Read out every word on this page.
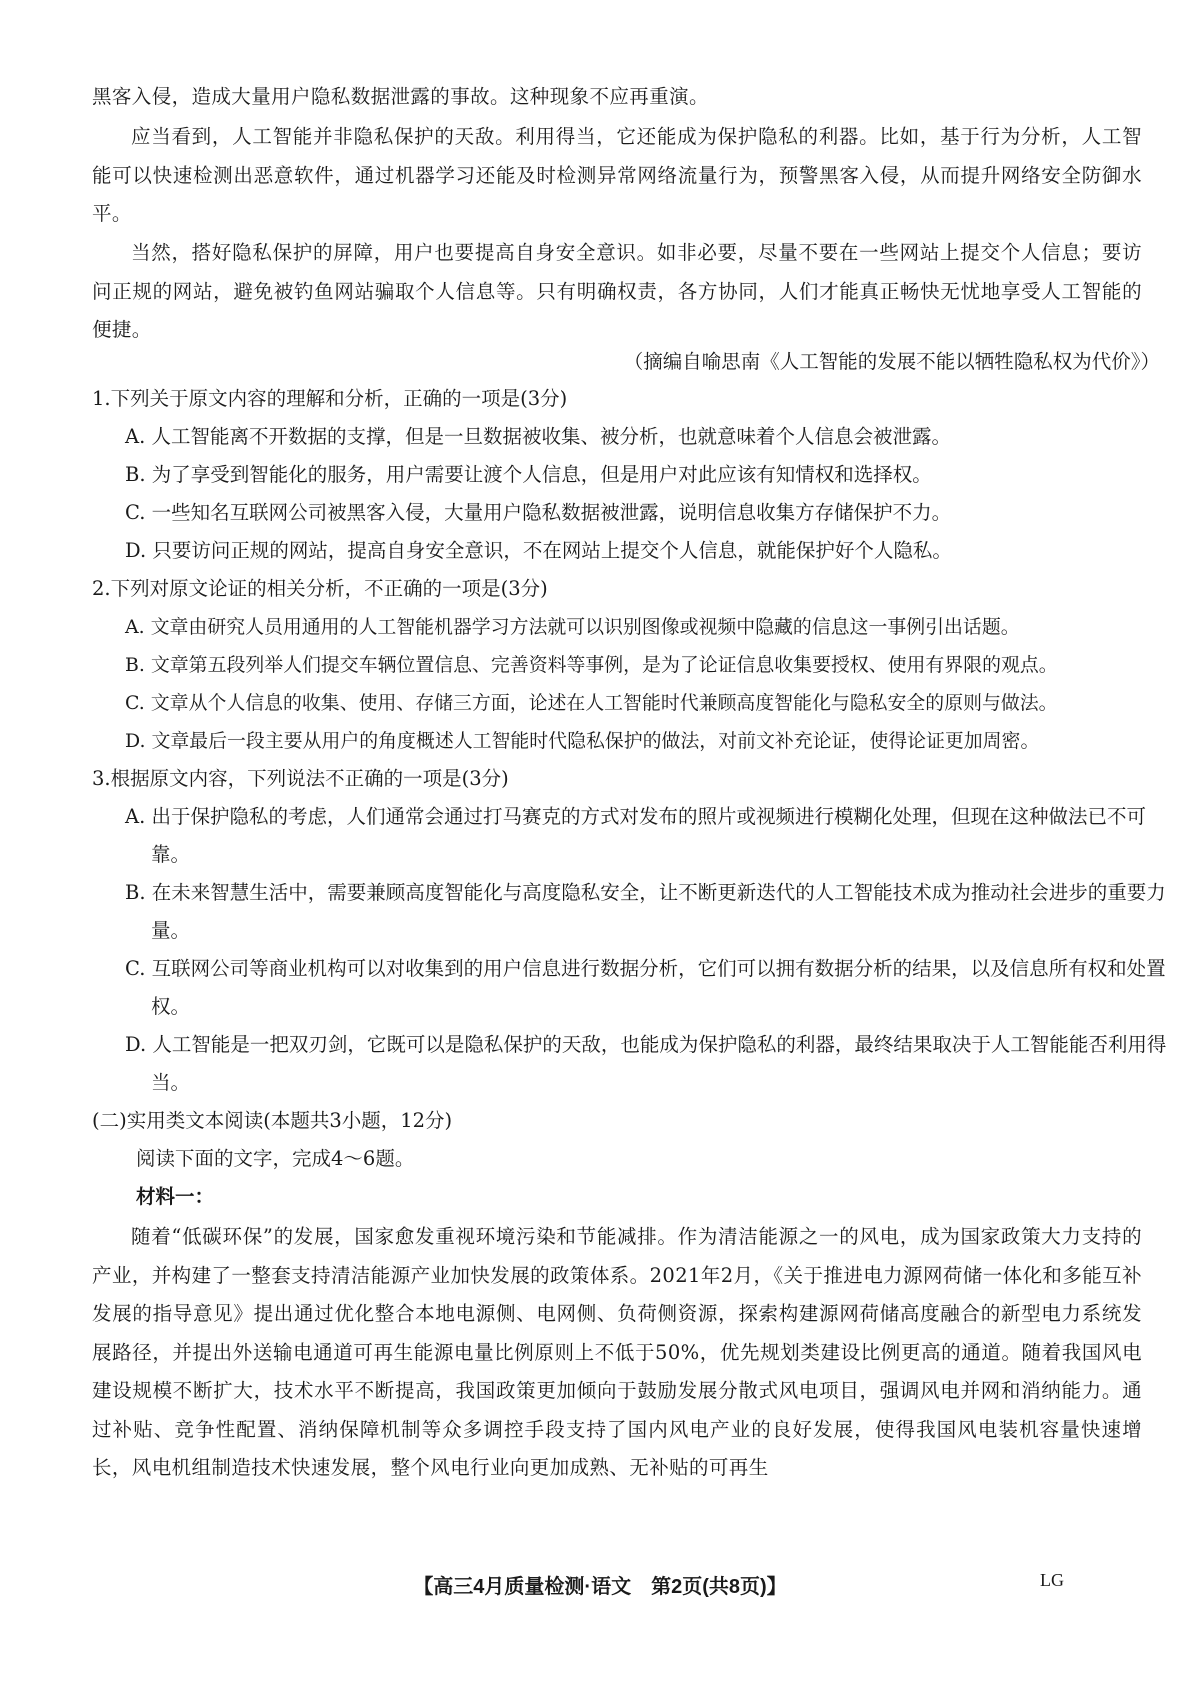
黑客入侵，造成大量用户隐私数据泄露的事故。这种现象不应再重演。
应当看到，人工智能并非隐私保护的天敌。利用得当，它还能成为保护隐私的利器。比如，基于行为分析，人工智能可以快速检测出恶意软件，通过机器学习还能及时检测异常网络流量行为，预警黑客入侵，从而提升网络安全防御水平。
当然，搭好隐私保护的屏障，用户也要提高自身安全意识。如非必要，尽量不要在一些网站上提交个人信息；要访问正规的网站，避免被钓鱼网站骗取个人信息等。只有明确权责，各方协同，人们才能真正畅快无忧地享受人工智能的便捷。
（摘编自喻思南《人工智能的发展不能以牺牲隐私权为代价》）
1.下列关于原文内容的理解和分析，正确的一项是(3分)
A. 人工智能离不开数据的支撑，但是一旦数据被收集、被分析，也就意味着个人信息会被泄露。
B. 为了享受到智能化的服务，用户需要让渡个人信息，但是用户对此应该有知情权和选择权。
C. 一些知名互联网公司被黑客入侵，大量用户隐私数据被泄露，说明信息收集方存储保护不力。
D. 只要访问正规的网站，提高自身安全意识，不在网站上提交个人信息，就能保护好个人隐私。
2.下列对原文论证的相关分析，不正确的一项是(3分)
A. 文章由研究人员用通用的人工智能机器学习方法就可以识别图像或视频中隐藏的信息这一事例引出话题。
B. 文章第五段列举人们提交车辆位置信息、完善资料等事例，是为了论证信息收集要授权、使用有界限的观点。
C. 文章从个人信息的收集、使用、存储三方面，论述在人工智能时代兼顾高度智能化与隐私安全的原则与做法。
D. 文章最后一段主要从用户的角度概述人工智能时代隐私保护的做法，对前文补充论证，使得论证更加周密。
3.根据原文内容，下列说法不正确的一项是(3分)
A. 出于保护隐私的考虑，人们通常会通过打马赛克的方式对发布的照片或视频进行模糊化处理，但现在这种做法已不可靠。
B. 在未来智慧生活中，需要兼顾高度智能化与高度隐私安全，让不断更新迭代的人工智能技术成为推动社会进步的重要力量。
C. 互联网公司等商业机构可以对收集到的用户信息进行数据分析，它们可以拥有数据分析的结果，以及信息所有权和处置权。
D. 人工智能是一把双刃剑，它既可以是隐私保护的天敌，也能成为保护隐私的利器，最终结果取决于人工智能能否利用得当。
(二)实用类文本阅读(本题共3小题，12分)
阅读下面的文字，完成4～6题。
材料一：
随着“低碳环保”的发展，国家愈发重视环境污染和节能减排。作为清洁能源之一的风电，成为国家政策大力支持的产业，并构建了一整套支持清洁能源产业加快发展的政策体系。2021年2月，《关于推进电力源网荷储一体化和多能互补发展的指导意见》提出通过优化整合本地电源侧、电网侧、负荷侧资源，探索构建源网荷储高度融合的新型电力系统发展路径，并提出外送输电通道可再生能源电量比例原则上不低于50%，优先规划类建设比例更高的通道。随着我国风电建设规模不断扩大，技术水平不断提高，我国政策更加倾向于鼓励发展分散式风电项目，强调风电并网和消纳能力。通过补贴、竞争性配置、消纳保障机制等众多调控手段支持了国内风电产业的良好发展，使得我国风电装机容量快速增长，风电机组制造技术快速发展，整个风电行业向更加成熟、无补贴的可再生
【高三4月质量检测·语文　第2页(共8页)】	LG
